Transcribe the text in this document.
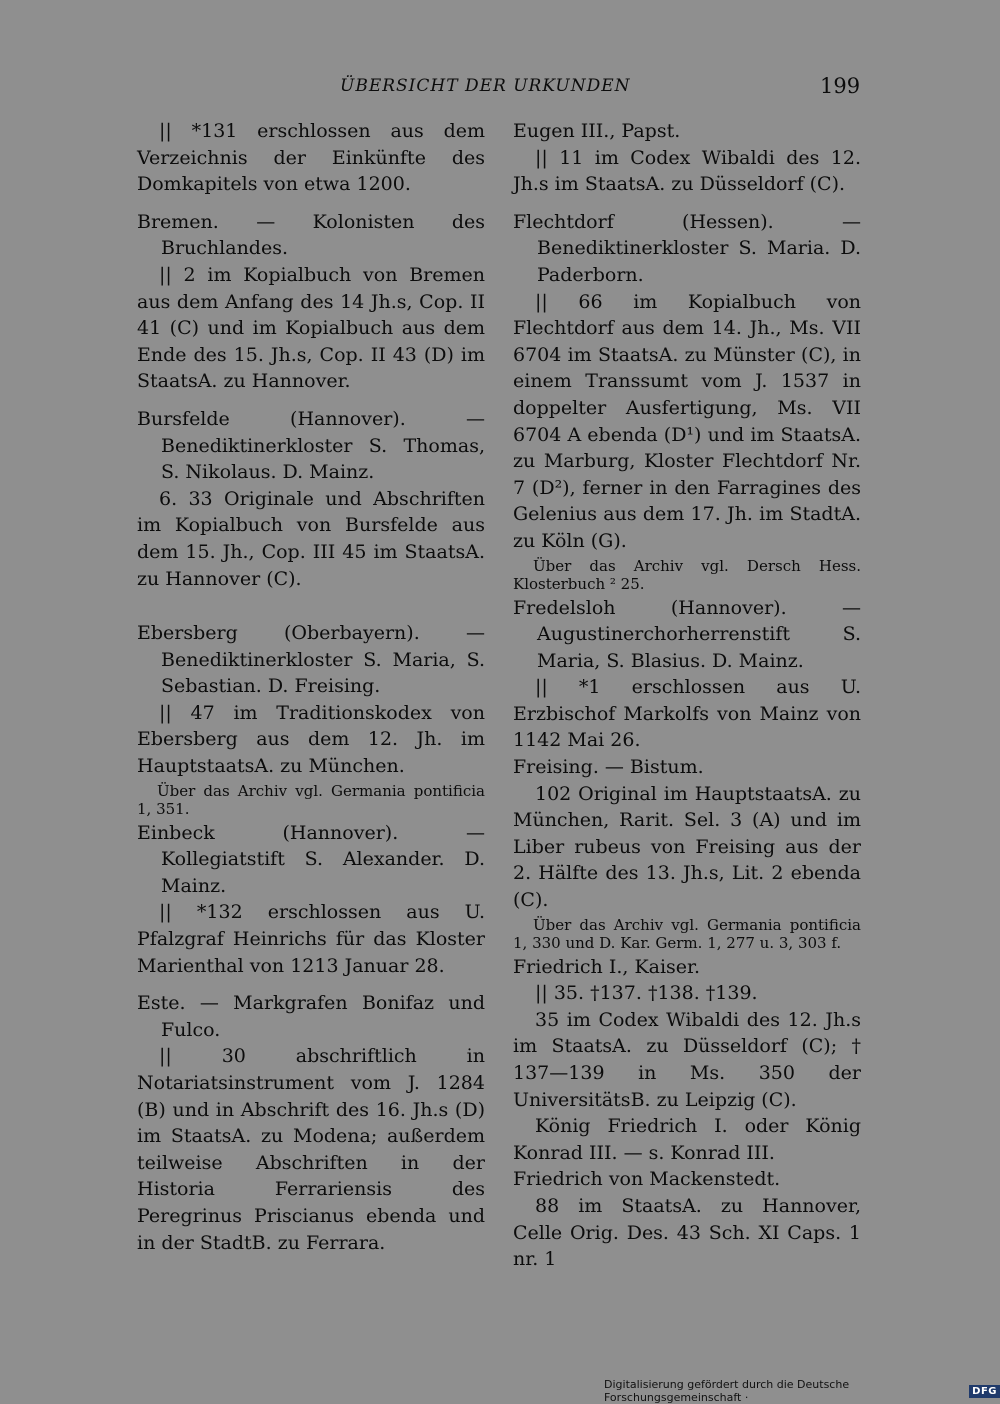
ÜBERSICHT DER URKUNDEN	199

|| *131 erschlossen aus dem Verzeichnis der Einkünfte des Domkapitels von etwa 1200.

Bremen. — Kolonisten des Bruchlandes.

|| 2 im Kopialbuch von Bremen aus dem Anfang des 14 Jh.s, Cop. II 41 (C) und im Kopialbuch aus dem Ende des 15. Jh.s, Cop. II 43 (D) im StaatsA. zu Hannover.

Bursfelde (Hannover). — Benediktinerkloster S. Thomas, S. Nikolaus. D. Mainz.

6. 33 Originale und Abschriften im Kopialbuch von Bursfelde aus dem 15. Jh., Cop. III 45 im StaatsA. zu Hannover (C).

Ebersberg (Oberbayern). — Benediktinerkloster S. Maria, S. Sebastian. D. Freising.

|| 47 im Traditionskodex von Ebersberg aus dem 12. Jh. im HauptstaatsA. zu München.

Über das Archiv vgl. Germania pontificia 1, 351.

Einbeck (Hannover). — Kollegiatstift S. Alexander. D. Mainz.

|| *132 erschlossen aus U. Pfalzgraf Heinrichs für das Kloster Marienthal von 1213 Januar 28.

Este. — Markgrafen Bonifaz und Fulco.

|| 30 abschriftlich in Notariatsinstrument vom J. 1284 (B) und in Abschrift des 16. Jh.s (D) im StaatsA. zu Modena; außerdem teilweise Abschriften in der Historia Ferrariensis des Peregrinus Priscianus ebenda und in der StadtB. zu Ferrara.

Eugen III., Papst.

|| 11 im Codex Wibaldi des 12. Jh.s im StaatsA. zu Düsseldorf (C).

Flechtdorf (Hessen). — Benediktinerkloster S. Maria. D. Paderborn.

|| 66 im Kopialbuch von Flechtdorf aus dem 14. Jh., Ms. VII 6704 im StaatsA. zu Münster (C), in einem Transsumt vom J. 1537 in doppelter Ausfertigung, Ms. VII 6704 A ebenda (D¹) und im StaatsA. zu Marburg, Kloster Flechtdorf Nr. 7 (D²), ferner in den Farragines des Gelenius aus dem 17. Jh. im StadtA. zu Köln (G).

Über das Archiv vgl. Dersch Hess. Klosterbuch ² 25.

Fredelsloh (Hannover). — Augustinerchorherrenstift S. Maria, S. Blasius. D. Mainz.

|| *1 erschlossen aus U. Erzbischof Markolfs von Mainz von 1142 Mai 26.

Freising. — Bistum.

102 Original im HauptstaatsA. zu München, Rarit. Sel. 3 (A) und im Liber rubeus von Freising aus der 2. Hälfte des 13. Jh.s, Lit. 2 ebenda (C).

Über das Archiv vgl. Germania pontificia 1, 330 und D. Kar. Germ. 1, 277 u. 3, 303 f.

Friedrich I., Kaiser.

|| 35. †137. †138. †139.

35 im Codex Wibaldi des 12. Jh.s im StaatsA. zu Düsseldorf (C); † 137—139 in Ms. 350 der UniversitätsB. zu Leipzig (C).

König Friedrich I. oder König Konrad III. — s. Konrad III.

Friedrich von Mackenstedt.

88 im StaatsA. zu Hannover, Celle Orig. Des. 43 Sch. XI Caps. 1 nr. 1

Digitalisierung gefördert durch die Deutsche Forschungsgemeinschaft ·	DFG
